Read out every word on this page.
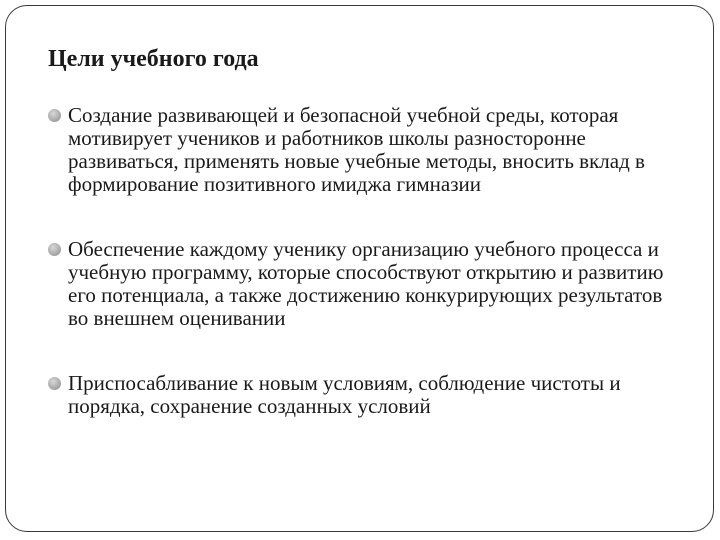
Цели учебного года
Создание развивающей и безопасной учебной среды, которая мотивирует учеников и работников школы разносторонне развиваться, применять новые учебные методы, вносить вклад в формирование позитивного имиджа гимназии
Обеспечение каждому ученику организацию учебного процесса и учебную программу, которые способствуют открытию и развитию его потенциала, а также достижению конкурирующих результатов во внешнем оценивании
Приспосабливание к новым условиям, соблюдение чистоты и порядка, сохранение созданных условий
